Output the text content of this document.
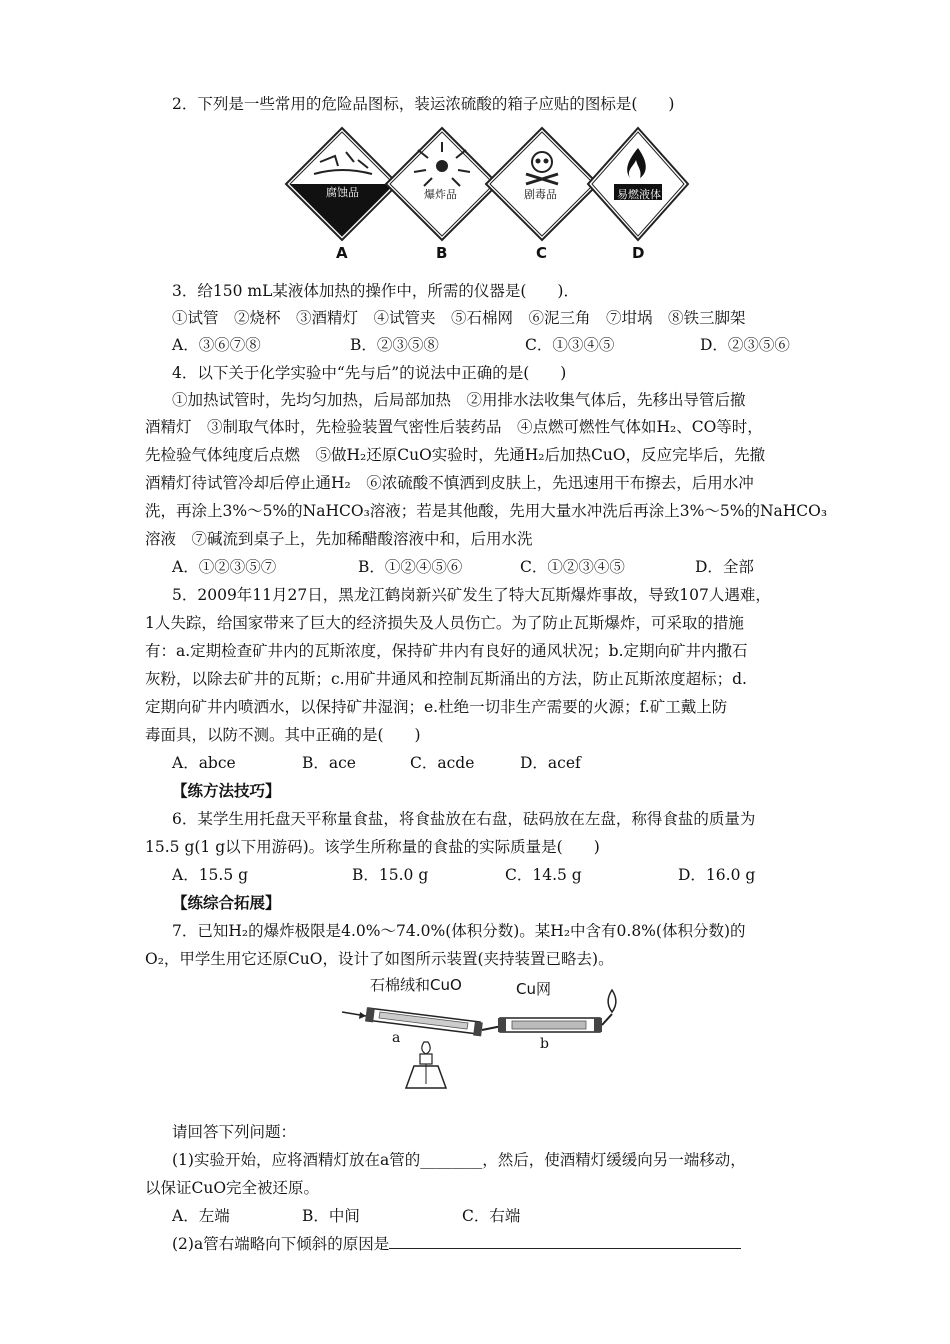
2．下列是一些常用的危险品图标，装运浓硫酸的箱子应贴的图标是(　　)
腐蚀品	爆炸品	剧毒品	易燃液体
A	B	C	D
3．给150 mL某液体加热的操作中，所需的仪器是(　　)．
①试管　②烧杯　③酒精灯　④试管夹　⑤石棉网　⑥泥三角　⑦坩埚　⑧铁三脚架
A．③⑥⑦⑧	B．②③⑤⑧	C．①③④⑤	D．②③⑤⑥
4．以下关于化学实验中“先与后”的说法中正确的是(　　)
①加热试管时，先均匀加热，后局部加热　②用排水法收集气体后，先移出导管后撤
酒精灯　③制取气体时，先检验装置气密性后装药品　④点燃可燃性气体如H₂、CO等时，
先检验气体纯度后点燃　⑤做H₂还原CuO实验时，先通H₂后加热CuO，反应完毕后，先撤
酒精灯待试管冷却后停止通H₂　⑥浓硫酸不慎洒到皮肤上，先迅速用干布擦去，后用水冲
洗，再涂上3%～5%的NaHCO₃溶液；若是其他酸，先用大量水冲洗后再涂上3%～5%的NaHCO₃
溶液　⑦碱流到桌子上，先加稀醋酸溶液中和，后用水洗
A．①②③⑤⑦	B．①②④⑤⑥	C．①②③④⑤	D．全部
5．2009年11月27日，黑龙江鹤岗新兴矿发生了特大瓦斯爆炸事故，导致107人遇难，
1人失踪，给国家带来了巨大的经济损失及人员伤亡。为了防止瓦斯爆炸，可采取的措施
有：a.定期检查矿井内的瓦斯浓度，保持矿井内有良好的通风状况；b.定期向矿井内撒石
灰粉，以除去矿井的瓦斯；c.用矿井通风和控制瓦斯涌出的方法，防止瓦斯浓度超标；d.
定期向矿井内喷洒水，以保持矿井湿润；e.杜绝一切非生产需要的火源；f.矿工戴上防
毒面具，以防不测。其中正确的是(　　)
A．abce	B．ace	C．acde	D．acef
【练方法技巧】
6．某学生用托盘天平称量食盐，将食盐放在右盘，砝码放在左盘，称得食盐的质量为
15.5 g(1 g以下用游码)。该学生所称量的食盐的实际质量是(　　)
A．15.5 g	B．15.0 g	C．14.5 g	D．16.0 g
【练综合拓展】
7．已知H₂的爆炸极限是4.0%～74.0%(体积分数)。某H₂中含有0.8%(体积分数)的
O₂，甲学生用它还原CuO，设计了如图所示装置(夹持装置已略去)。
石棉绒和CuO	Cu网
a	b
请回答下列问题：
(1)实验开始，应将酒精灯放在a管的________，然后，使酒精灯缓缓向另一端移动，
以保证CuO完全被还原。
A．左端	B．中间	C．右端
(2)a管右端略向下倾斜的原因是
